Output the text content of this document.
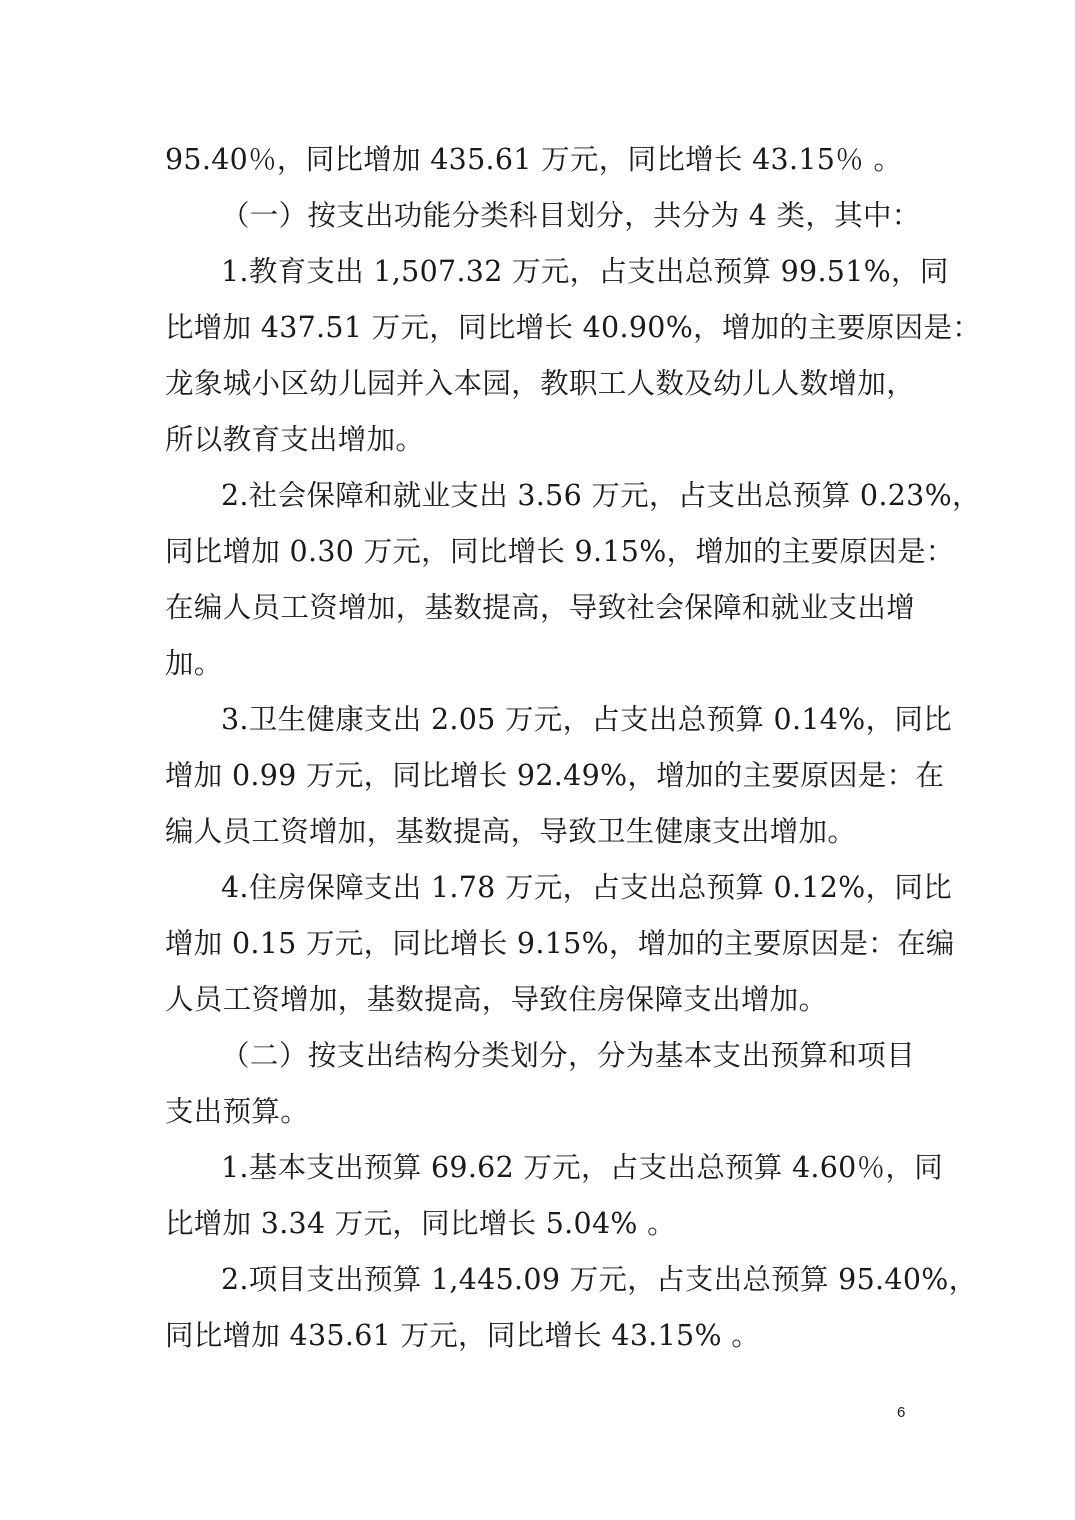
95.40％，同比增加 435.61 万元，同比增长 43.15％ 。
（一）按支出功能分类科目划分，共分为 4 类，其中：
1.教育支出 1,507.32 万元，占支出总预算 99.51%，同
比增加 437.51 万元，同比增长 40.90%，增加的主要原因是：
龙象城小区幼儿园并入本园，教职工人数及幼儿人数增加，
所以教育支出增加。
2.社会保障和就业支出 3.56 万元，占支出总预算 0.23%，
同比增加 0.30 万元，同比增长 9.15%，增加的主要原因是：
在编人员工资增加，基数提高，导致社会保障和就业支出增
加。
3.卫生健康支出 2.05 万元，占支出总预算 0.14%，同比
增加 0.99 万元，同比增长 92.49%，增加的主要原因是：在
编人员工资增加，基数提高，导致卫生健康支出增加。
4.住房保障支出 1.78 万元，占支出总预算 0.12%，同比
增加 0.15 万元，同比增长 9.15%，增加的主要原因是：在编
人员工资增加，基数提高，导致住房保障支出增加。
（二）按支出结构分类划分，分为基本支出预算和项目
支出预算。
1.基本支出预算 69.62 万元，占支出总预算 4.60％，同
比增加 3.34 万元，同比增长 5.04% 。
2.项目支出预算 1,445.09 万元，占支出总预算 95.40%，
同比增加 435.61 万元，同比增长 43.15% 。
6
